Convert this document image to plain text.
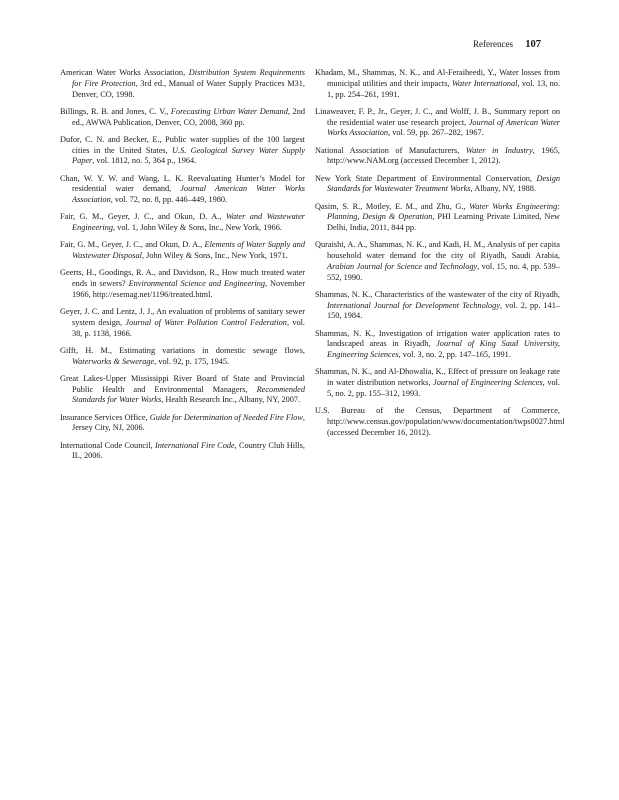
References 107

American Water Works Association, Distribution System Requirements for Fire Protection, 3rd ed., Manual of Water Supply Practices M31, Denver, CO, 1998.

Billings, R. B. and Jones, C. V., Forecasting Urban Water Demand, 2nd ed., AWWA Publication, Denver, CO, 2008, 360 pp.

Dufor, C. N. and Becker, E., Public water supplies of the 100 largest cities in the United States, U.S. Geological Survey Water Supply Paper, vol. 1812, no. 5, 364 p., 1964.

Chan, W. Y. W. and Wang, L. K. Reevaluating Hunter’s Model for residential water demand, Journal American Water Works Association, vol. 72, no. 8, pp. 446–449, 1980.

Fair, G. M., Geyer, J. C., and Okun, D. A., Water and Wastewater Engineering, vol. 1, John Wiley & Sons, Inc., New York, 1966.

Fair, G. M., Geyer, J. C., and Okun, D. A., Elements of Water Supply and Wastewater Disposal, John Wiley & Sons, Inc., New York, 1971.

Geerts, H., Goodings, R. A., and Davidson, R., How much treated water ends in sewers? Environmental Science and Engineering, November 1966, http://esemag.net/1196/treated.html.

Geyer, J. C. and Lentz, J. J., An evaluation of problems of sanitary sewer system design, Journal of Water Pollution Control Federation, vol. 38, p. 1138, 1966.

Gifft, H. M., Estimating variations in domestic sewage flows, Waterworks & Sewerage, vol. 92, p. 175, 1945.

Great Lakes-Upper Mississippi River Board of State and Provincial Public Health and Environmental Managers, Recommended Standards for Water Works, Health Research Inc., Albany, NY, 2007.

Insurance Services Office, Guide for Determination of Needed Fire Flow, Jersey City, NJ, 2006.

International Code Council, International Fire Code, Country Club Hills, IL, 2006.

Khadam, M., Shammas, N. K., and Al-Feraiheedi, Y., Water losses from municipal utilities and their impacts, Water International, vol. 13, no. 1, pp. 254–261, 1991.

Linaweaver, F. P., Jr., Geyer, J. C., and Wolff, J. B., Summary report on the residential water use research project, Journal of American Water Works Association, vol. 59, pp. 267–282, 1967.

National Association of Manufacturers, Water in Industry, 1965, http://www.NAM.org (accessed December 1, 2012).

New York State Department of Environmental Conservation, Design Standards for Wastewater Treatment Works, Albany, NY, 1988.

Qasim, S. R., Motley, E. M., and Zhu, G., Water Works Engineering: Planning, Design & Operation, PHI Learning Private Limited, New Delhi, India, 2011, 844 pp.

Quraishi, A. A., Shammas, N. K., and Kadi, H. M., Analysis of per capita household water demand for the city of Riyadh, Saudi Arabia, Arabian Journal for Science and Technology, vol. 15, no. 4, pp. 539–552, 1990.

Shammas, N. K., Characteristics of the wastewater of the city of Riyadh, International Journal for Development Technology, vol. 2, pp. 141–150, 1984.

Shammas, N. K., Investigation of irrigation water application rates to landscaped areas in Riyadh, Journal of King Saud University, Engineering Sciences, vol. 3, no. 2, pp. 147–165, 1991.

Shammas, N. K., and Al-Dhowalia, K., Effect of pressure on leakage rate in water distribution networks, Journal of Engineering Sciences, vol. 5, no. 2, pp. 155–312, 1993.

U.S. Bureau of the Census, Department of Commerce, http://www.census.gov/population/www/documentation/twps0027.html (accessed December 16, 2012).
